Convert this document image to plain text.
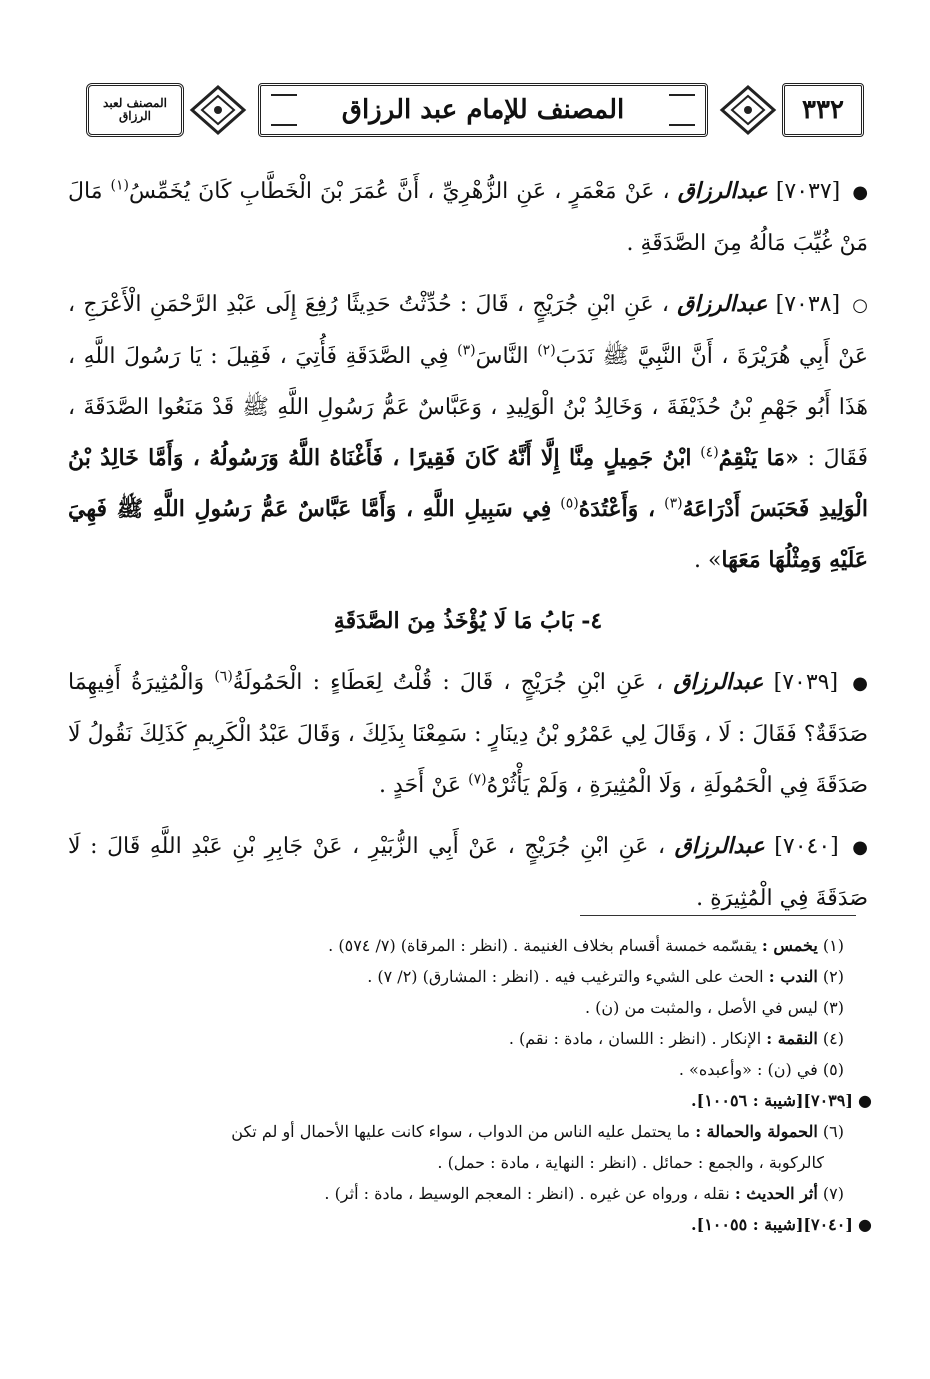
٣٣٢
المصنف للإمام عبد الرزاق
المصنف لعبد الرزاق

● [٧٠٣٧] عبدالرزاق ، عَنْ مَعْمَرٍ ، عَنِ الزُّهْرِيِّ ، أَنَّ عُمَرَ بْنَ الْخَطَّابِ كَانَ يُخَمِّسُ$^{(١)}$ مَالَ مَنْ غُيِّبَ مَالُهُ مِنَ الصَّدَقَةِ .

○ [٧٠٣٨] عبدالرزاق ، عَنِ ابْنِ جُرَيْجٍ ، قَالَ : حُدِّثْتُ حَدِيثًا رُفِعَ إِلَى عَبْدِ الرَّحْمَنِ الْأَعْرَجِ ، عَنْ أَبِي هُرَيْرَةَ ، أَنَّ النَّبِيَّ ﷺ نَدَبَ$^{(٢)}$ النَّاسَ$^{(٣)}$ فِي الصَّدَقَةِ فَأُتِيَ ، فَقِيلَ : يَا رَسُولَ اللَّهِ ، هَذَا أَبُو جَهْمِ بْنُ حُذَيْفَةَ ، وَخَالِدُ بْنُ الْوَلِيدِ ، وَعَبَّاسٌ عَمُّ رَسُولِ اللَّهِ ﷺ قَدْ مَنَعُوا الصَّدَقَةَ ، فَقَالَ : «مَا يَنْقِمُ$^{(٤)}$ ابْنُ جَمِيلٍ مِنَّا إِلَّا أَنَّهُ كَانَ فَقِيرًا ، فَأَغْنَاهُ اللَّهُ وَرَسُولُهُ ، وَأَمَّا خَالِدُ بْنُ الْوَلِيدِ فَحَبَسَ أَدْرَاعَهُ$^{(٣)}$ ، وَأَعْتُدَهُ$^{(٥)}$ فِي سَبِيلِ اللَّهِ ، وَأَمَّا عَبَّاسٌ عَمُّ رَسُولِ اللَّهِ ﷺ فَهِيَ عَلَيْهِ وَمِثْلُهَا مَعَهَا» .

٤- بَابُ مَا لَا يُؤْخَذُ مِنَ الصَّدَقَةِ

● [٧٠٣٩] عبدالرزاق ، عَنِ ابْنِ جُرَيْجٍ ، قَالَ : قُلْتُ لِعَطَاءٍ : الْحَمُولَةُ$^{(٦)}$ وَالْمُثِيرَةُ أَفِيهِمَا صَدَقَةٌ؟ فَقَالَ : لَا ، وَقَالَ لِي عَمْرُو بْنُ دِينَارٍ : سَمِعْنَا بِذَلِكَ ، وَقَالَ عَبْدُ الْكَرِيمِ كَذَلِكَ نَقُولُ لَا صَدَقَةَ فِي الْحَمُولَةِ ، وَلَا الْمُثِيرَةِ ، وَلَمْ يَأْثُرْهُ$^{(٧)}$ عَنْ أَحَدٍ .

● [٧٠٤٠] عبدالرزاق ، عَنِ ابْنِ جُرَيْجٍ ، عَنْ أَبِي الزُّبَيْرِ ، عَنْ جَابِرِ بْنِ عَبْدِ اللَّهِ قَالَ : لَا صَدَقَةَ فِي الْمُثِيرَةِ .

(١) يخمس : يقسّمه خمسة أقسام بخلاف الغنيمة . (انظر : المرقاة) (٧/ ٥٧٤) .

(٢) الندب : الحث على الشيء والترغيب فيه . (انظر : المشارق) (٢/ ٧) .

(٣) ليس في الأصل ، والمثبت من (ن) .

(٤) النقمة : الإنكار . (انظر : اللسان ، مادة : نقم) .

(٥) في (ن) : «وأعبده» .

● [٧٠٣٩][شيبة : ١٠٠٥٦].

(٦) الحمولة والحمالة : ما يحتمل عليه الناس من الدواب ، سواء كانت عليها الأحمال أو لم تكن

كالركوبة ، والجمع : حمائل . (انظر : النهاية ، مادة : حمل) .

(٧) أثر الحديث : نقله ، ورواه عن غيره . (انظر : المعجم الوسيط ، مادة : أثر) .

● [٧٠٤٠][شيبة : ١٠٠٥٥].
